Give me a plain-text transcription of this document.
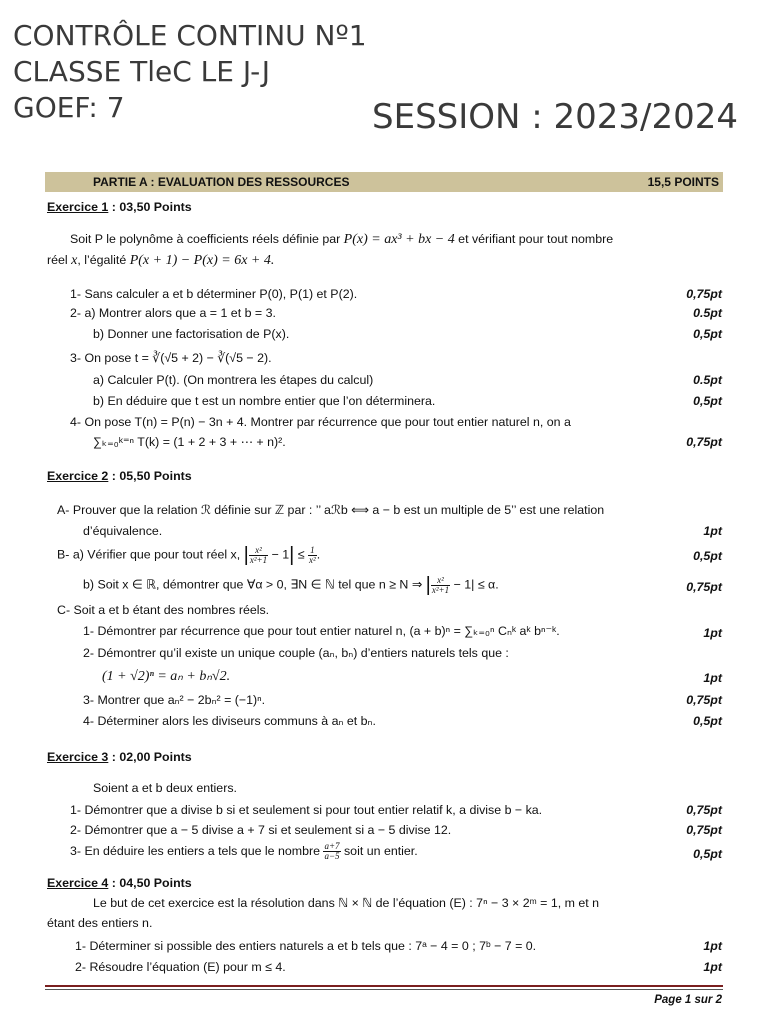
CONTRÔLE CONTINU Nº1
CLASSE TleC LE J-J
GOEF: 7	SESSION : 2023/2024
PARTIE A : EVALUATION DES RESSOURCES	15,5 POINTS
Exercice 1 : 03,50 Points
Soit P le polynôme à coefficients réels définie par P(x) = ax³ + bx − 4 et vérifiant pour tout nombre
réel x, l’égalité P(x + 1) − P(x) = 6x + 4.
1- Sans calculer a et b déterminer P(0), P(1) et P(2).	0,75pt
2- a) Montrer alors que a = 1 et b = 3.	0.5pt
b) Donner une factorisation de P(x).	0,5pt
3- On pose t = ∛(√5 + 2) − ∛(√5 − 2).
a) Calculer P(t). (On montrera les étapes du calcul)	0.5pt
b) En déduire que t est un nombre entier que l’on déterminera.	0,5pt
4- On pose T(n) = P(n) − 3n + 4. Montrer par récurrence que pour tout entier naturel n, on a
∑ₖ₌₀ᵏ⁼ⁿ T(k) = (1 + 2 + 3 + ⋯ + n)².	0,75pt
Exercice 2 : 05,50 Points
A- Prouver que la relation ℛ définie sur ℤ par : ’’ aℛb ⟺ a − b est un multiple de 5’’ est une relation
d’équivalence.	1pt
B- a) Vérifier que pour tout réel x, | $\frac{\text{x²}}{\text{x²+1}} - 1| \le \frac{1}{\text{x²}}$ .	0,5pt
b) Soit x ∈ ℝ, démontrer que ∀α > 0, ∃N ∈ ℕ tel que n ≥ N ⇒ | $\frac{\text{x²}}{\text{x²+1}} - 1| \le \alpha$.	0,75pt
C- Soit a et b étant des nombres réels.
1- Démontrer par récurrence que pour tout entier naturel n, (a + b)ⁿ = ∑ₖ₌₀ⁿ Cₙᵏ aᵏ bⁿ⁻ᵏ.	1pt
2- Démontrer qu’il existe un unique couple (aₙ, bₙ) d’entiers naturels tels que :
(1 + √2)ⁿ = aₙ + bₙ√2.	1pt
3- Montrer que aₙ² − 2bₙ² = (−1)ⁿ.	0,75pt
4- Déterminer alors les diviseurs communs à aₙ et bₙ.	0,5pt
Exercice 3 : 02,00 Points
Soient a et b deux entiers.
1- Démontrer que a divise b si et seulement si pour tout entier relatif k, a divise b − ka.	0,75pt
2- Démontrer que a − 5 divise a + 7 si et seulement si a − 5 divise 12.	0,75pt
3- En déduire les entiers a tels que le nombre $\frac{a+7}{a-5}$ soit un entier.	0,5pt
Exercice 4 : 04,50 Points
Le but de cet exercice est la résolution dans ℕ × ℕ de l’équation (E) : 7ⁿ − 3 × 2ᵐ = 1, m et n
étant des entiers n.
1- Déterminer si possible des entiers naturels a et b tels que : 7ᵃ − 4 = 0 ; 7ᵇ − 7 = 0.	1pt
2- Résoudre l’équation (E) pour m ≤ 4.	1pt
Page 1 sur 2
